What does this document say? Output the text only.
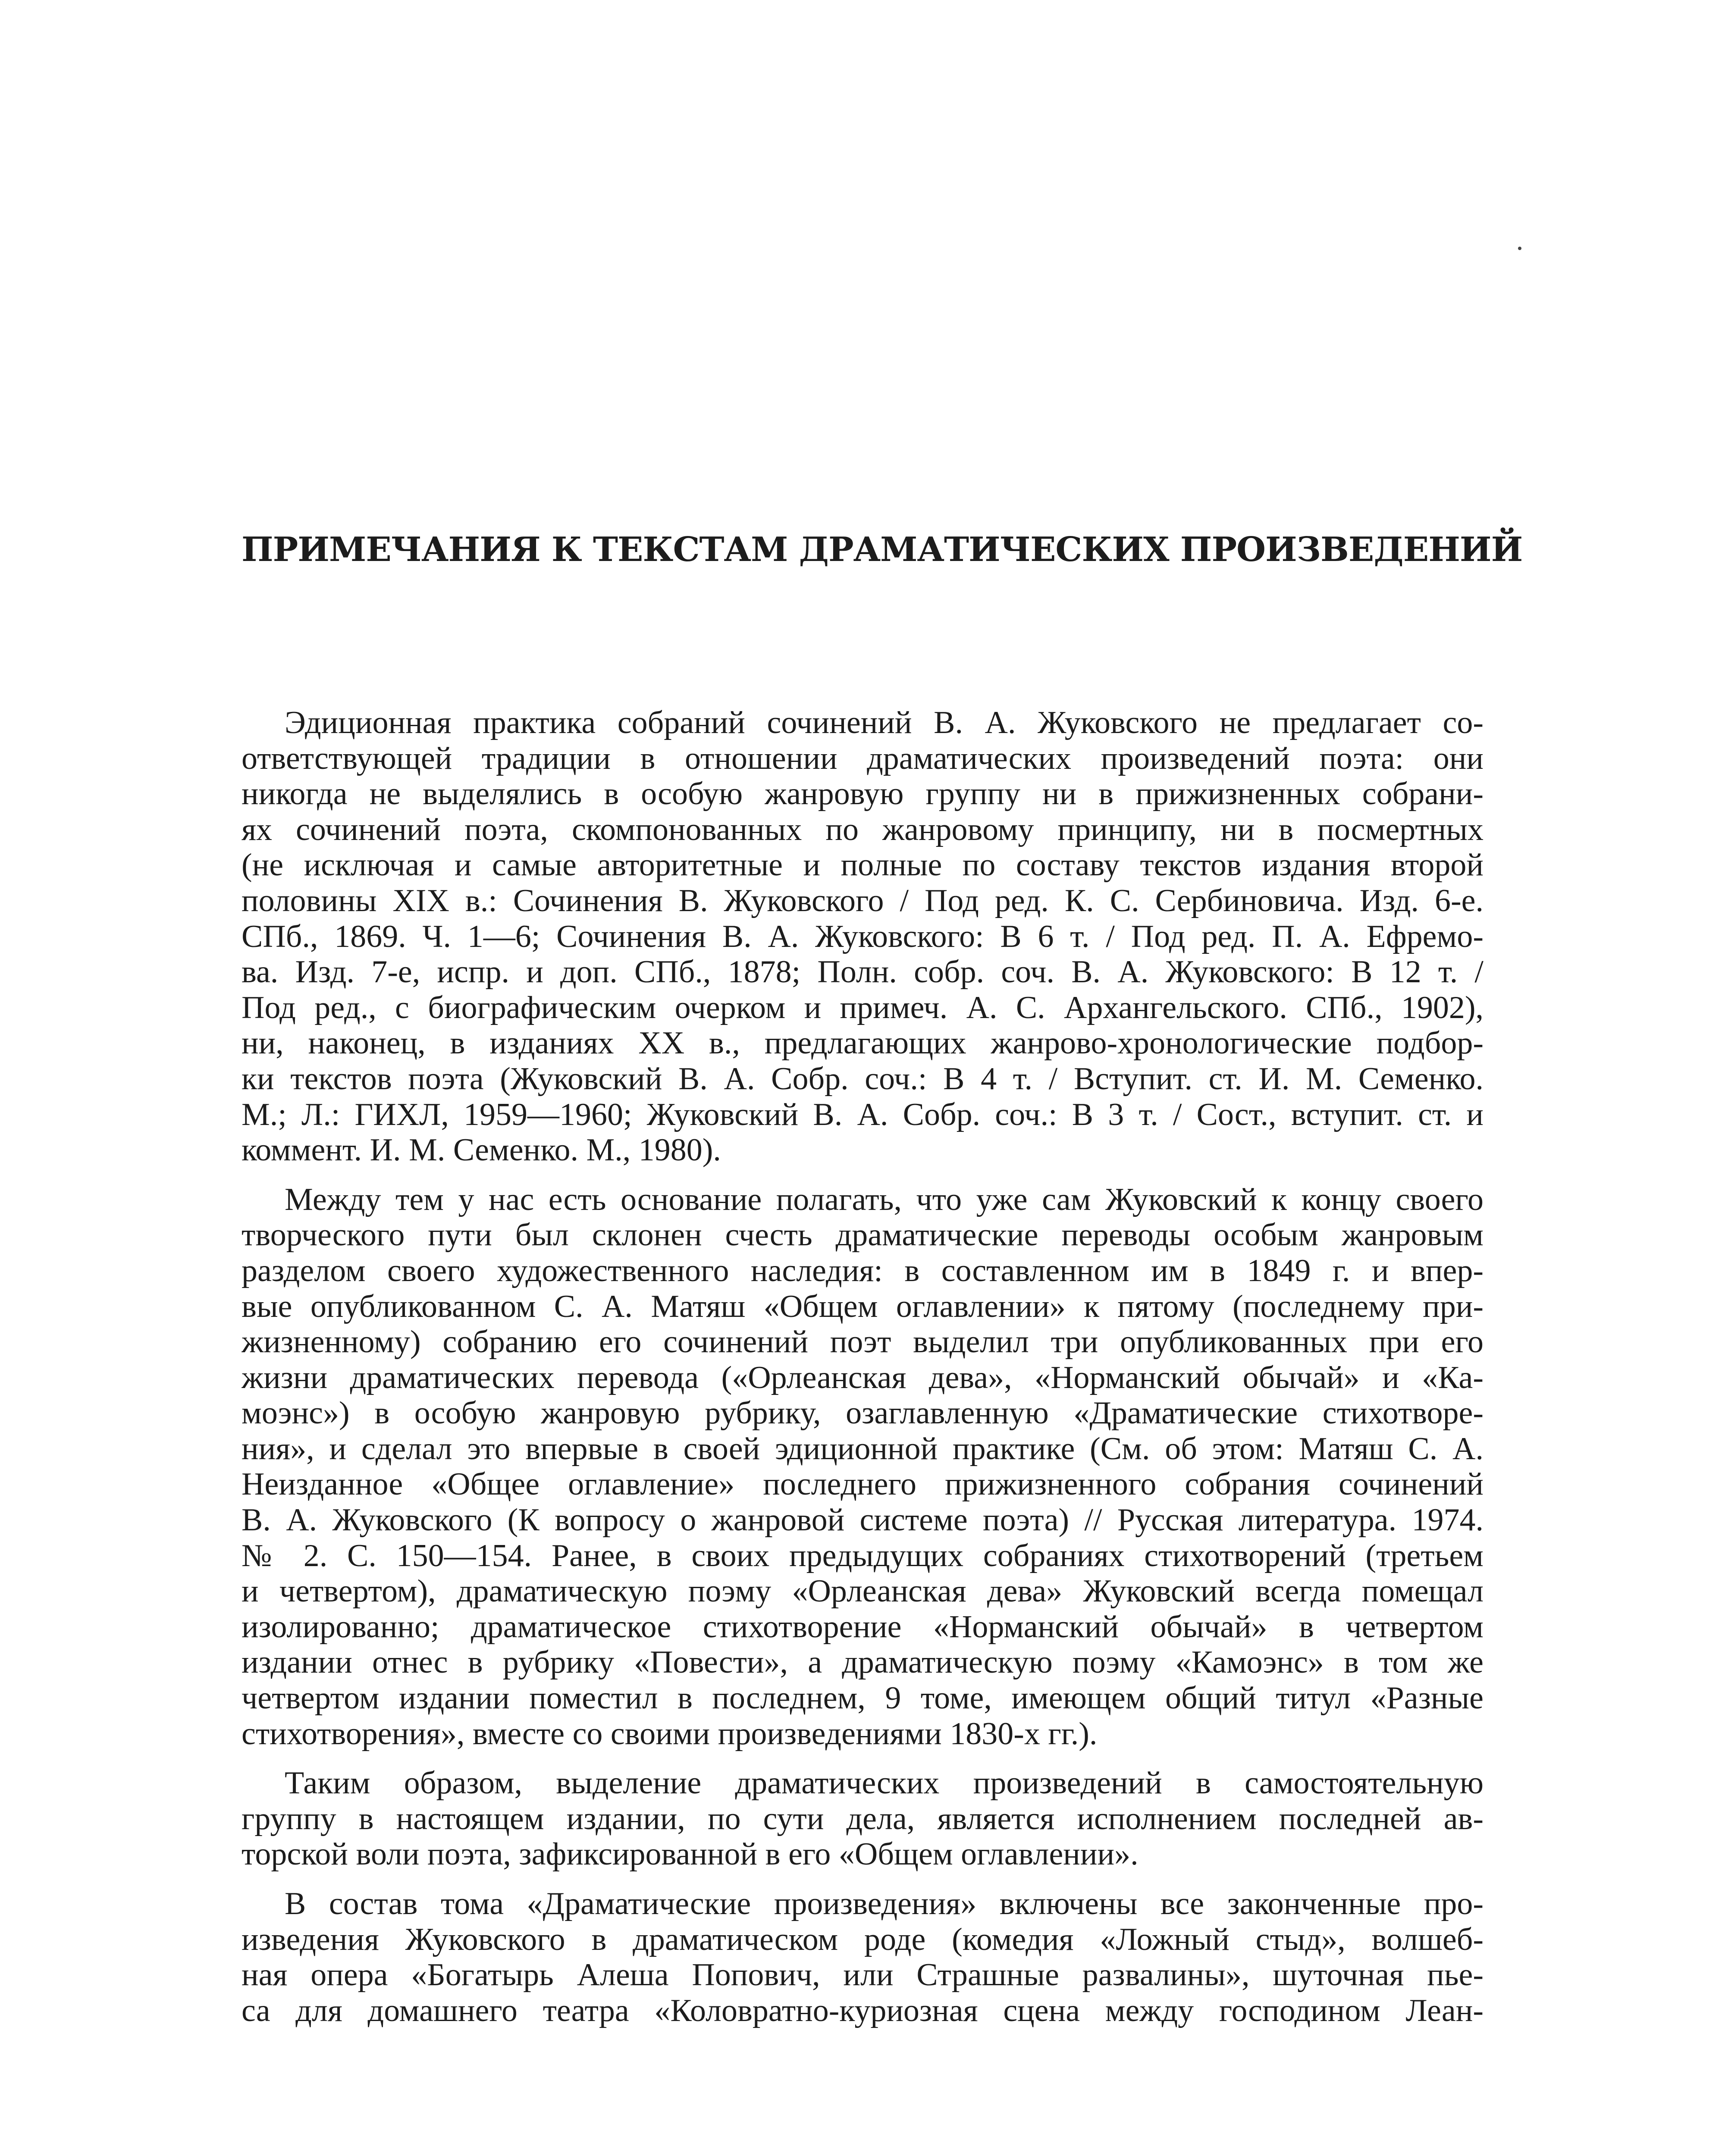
ПРИМЕЧАНИЯ К ТЕКСТАМ ДРАМАТИЧЕСКИХ ПРОИЗВЕДЕНИЙ

Эдиционная практика собраний сочинений В. А. Жуковского не предлагает со-
ответствующей традиции в отношении драматических произведений поэта: они
никогда не выделялись в особую жанровую группу ни в прижизненных собрани-
ях сочинений поэта, скомпонованных по жанровому принципу, ни в посмертных
(не исключая и самые авторитетные и полные по составу текстов издания второй
половины XIX в.: Сочинения В. Жуковского / Под ред. К. С. Сербиновича. Изд. 6-е.
СПб., 1869. Ч. 1—6; Сочинения В. А. Жуковского: В 6 т. / Под ред. П. А. Ефремо-
ва. Изд. 7-е, испр. и доп. СПб., 1878; Полн. собр. соч. В. А. Жуковского: В 12 т. /
Под ред., с биографическим очерком и примеч. А. С. Архангельского. СПб., 1902),
ни, наконец, в изданиях XX в., предлагающих жанрово-хронологические подбор-
ки текстов поэта (Жуковский В. А. Собр. соч.: В 4 т. / Вступит. ст. И. М. Семенко.
М.; Л.: ГИХЛ, 1959—1960; Жуковский В. А. Собр. соч.: В 3 т. / Сост., вступит. ст. и
коммент. И. М. Семенко. М., 1980).

Между тем у нас есть основание полагать, что уже сам Жуковский к концу своего
творческого пути был склонен счесть драматические переводы особым жанровым
разделом своего художественного наследия: в составленном им в 1849 г. и впер-
вые опубликованном С. А. Матяш «Общем оглавлении» к пятому (последнему при-
жизненному) собранию его сочинений поэт выделил три опубликованных при его
жизни драматических перевода («Орлеанская дева», «Норманский обычай» и «Ка-
моэнс») в особую жанровую рубрику, озаглавленную «Драматические стихотворе-
ния», и сделал это впервые в своей эдиционной практике (См. об этом: Матяш С. А.
Неизданное «Общее оглавление» последнего прижизненного собрания сочинений
В. А. Жуковского (К вопросу о жанровой системе поэта) // Русская литература. 1974.
№ 2. С. 150—154. Ранее, в своих предыдущих собраниях стихотворений (третьем
и четвертом), драматическую поэму «Орлеанская дева» Жуковский всегда помещал
изолированно; драматическое стихотворение «Норманский обычай» в четвертом
издании отнес в рубрику «Повести», а драматическую поэму «Камоэнс» в том же
четвертом издании поместил в последнем, 9 томе, имеющем общий титул «Разные
стихотворения», вместе со своими произведениями 1830-х гг.).

Таким образом, выделение драматических произведений в самостоятельную
группу в настоящем издании, по сути дела, является исполнением последней ав-
торской воли поэта, зафиксированной в его «Общем оглавлении».

В состав тома «Драматические произведения» включены все законченные про-
изведения Жуковского в драматическом роде (комедия «Ложный стыд», волшеб-
ная опера «Богатырь Алеша Попович, или Страшные развалины», шуточная пье-
са для домашнего театра «Коловратно-куриозная сцена между господином Леан-
